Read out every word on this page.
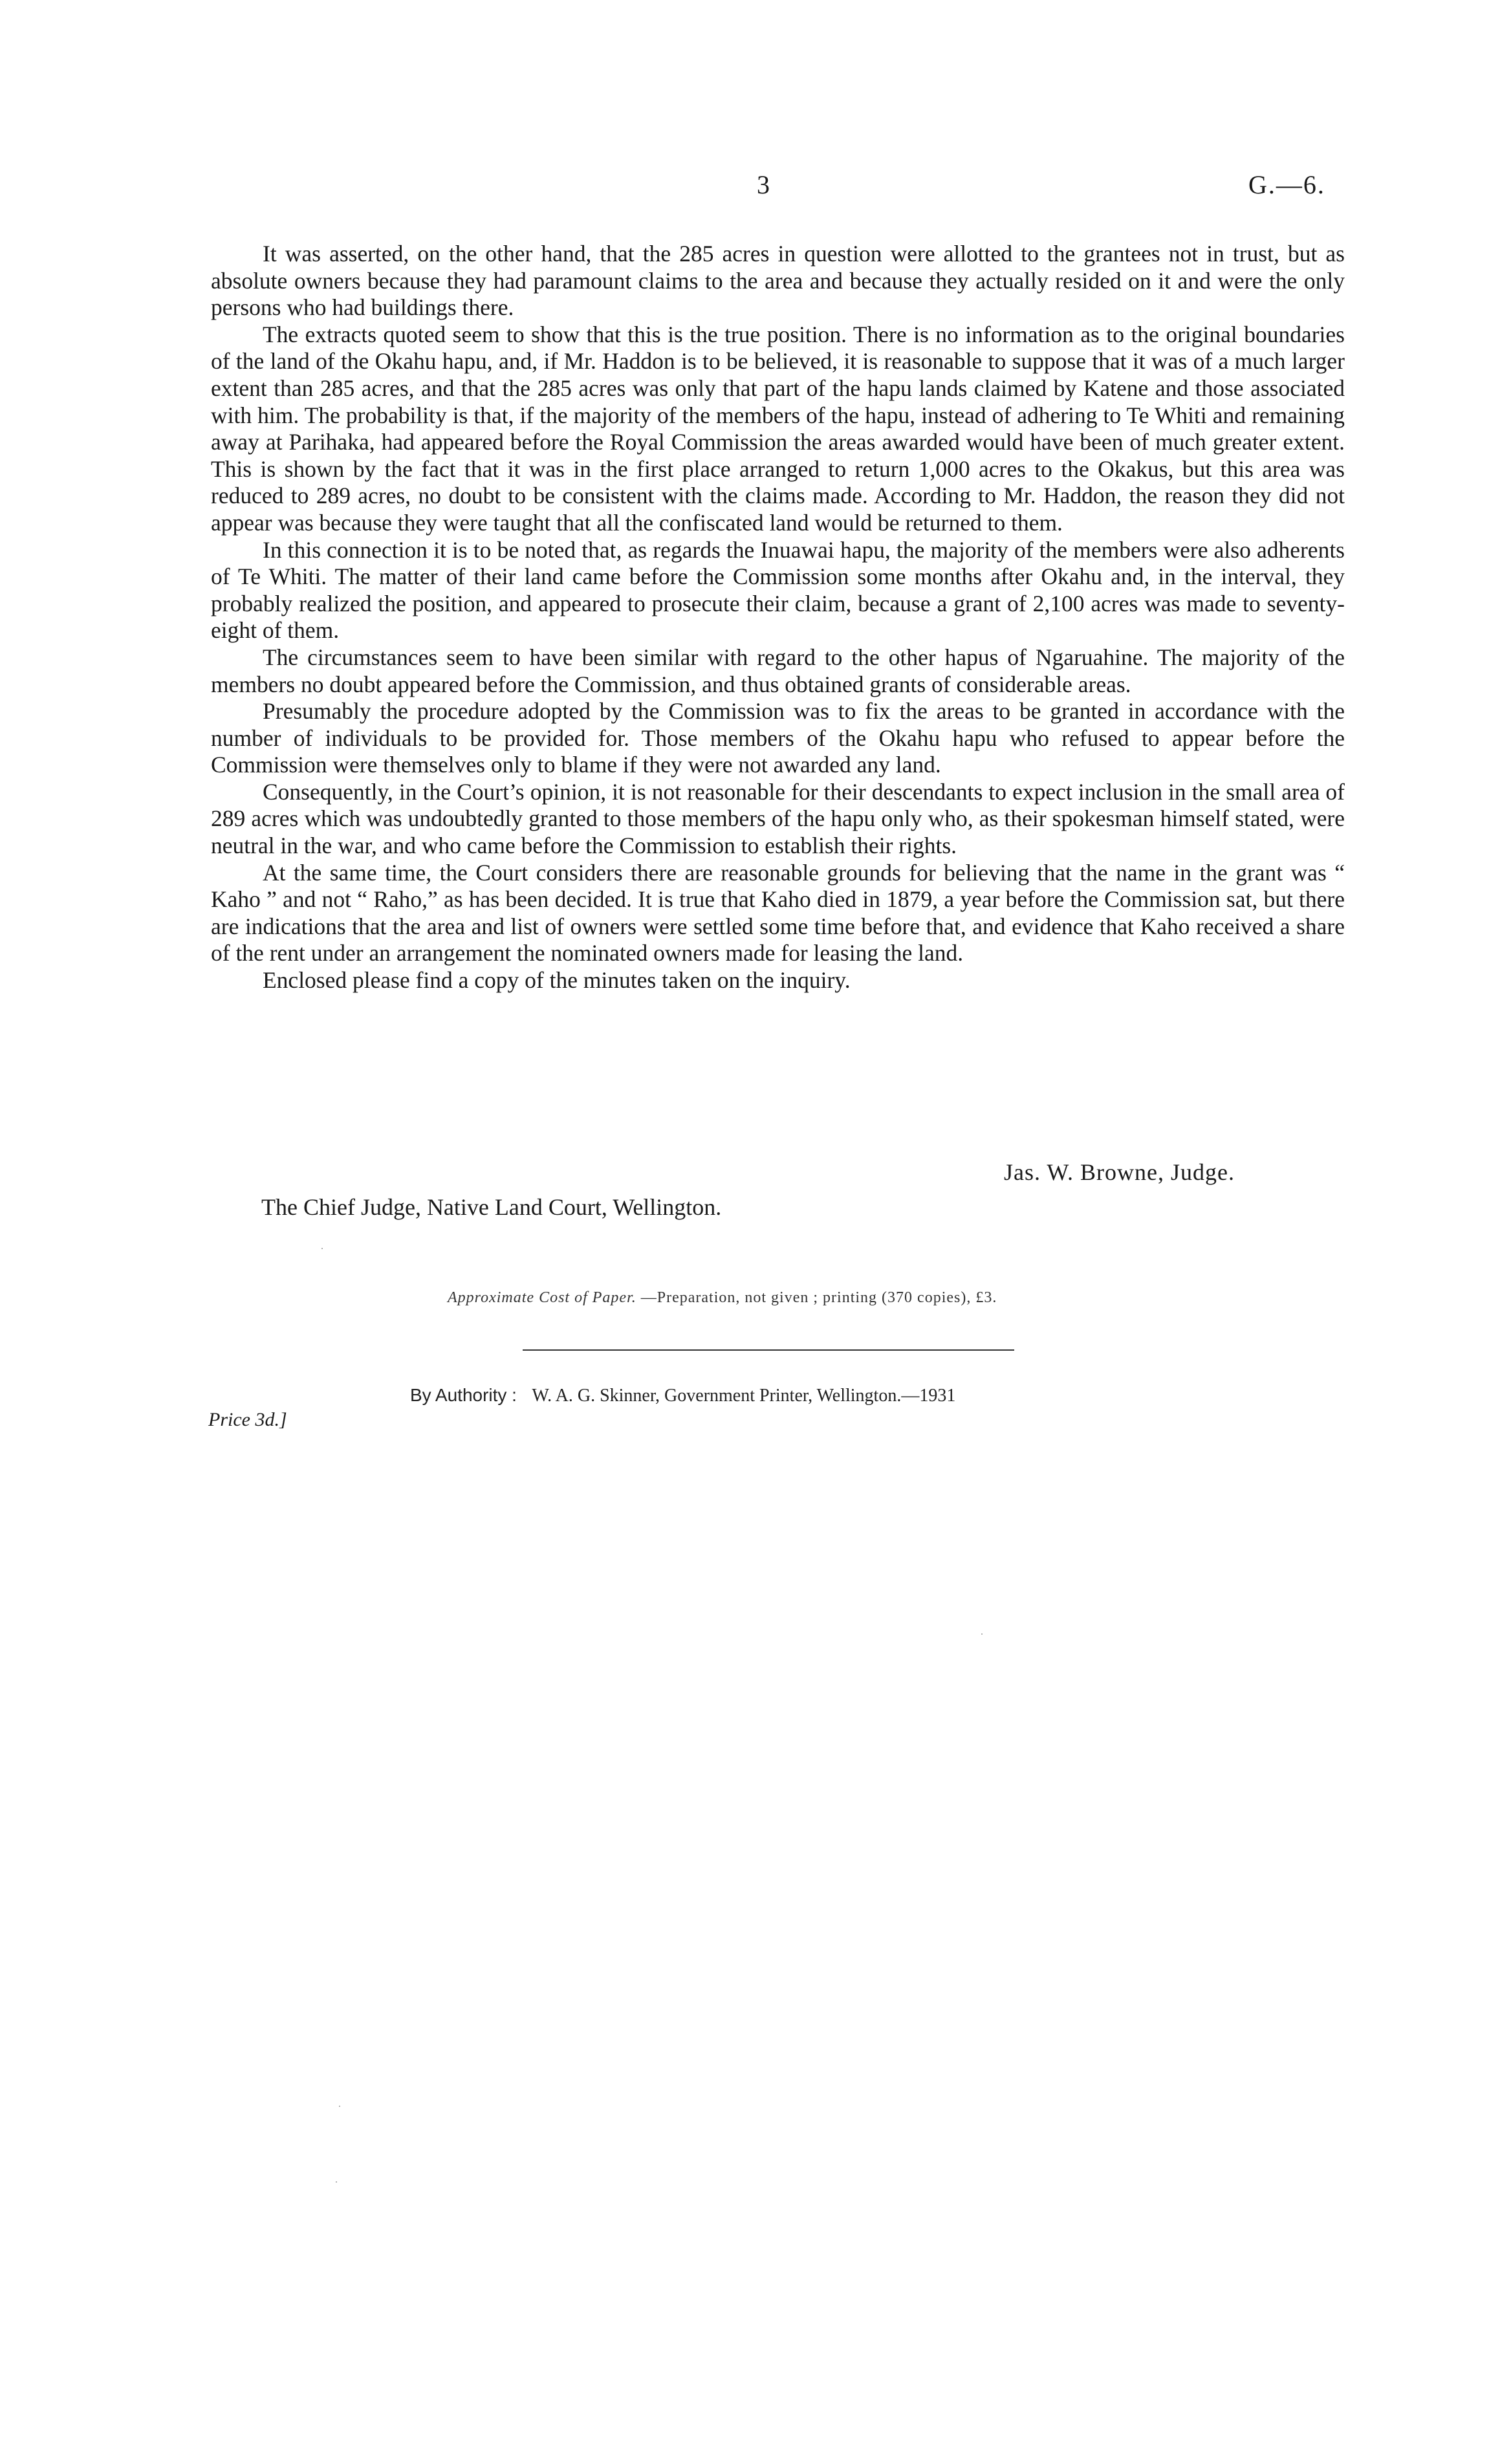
3	G.—6.

It was asserted, on the other hand, that the 285 acres in question were allotted to the grantees not in trust, but as absolute owners because they had paramount claims to the area and because they actually resided on it and were the only persons who had buildings there.

The extracts quoted seem to show that this is the true position. There is no information as to the original boundaries of the land of the Okahu hapu, and, if Mr. Haddon is to be believed, it is reasonable to suppose that it was of a much larger extent than 285 acres, and that the 285 acres was only that part of the hapu lands claimed by Katene and those associated with him. The probability is that, if the majority of the members of the hapu, instead of adhering to Te Whiti and remaining away at Parihaka, had appeared before the Royal Commission the areas awarded would have been of much greater extent. This is shown by the fact that it was in the first place arranged to return 1,000 acres to the Okakus, but this area was reduced to 289 acres, no doubt to be consistent with the claims made. According to Mr. Haddon, the reason they did not appear was because they were taught that all the confiscated land would be returned to them.

In this connection it is to be noted that, as regards the Inuawai hapu, the majority of the members were also adherents of Te Whiti. The matter of their land came before the Commission some months after Okahu and, in the interval, they probably realized the position, and appeared to prosecute their claim, because a grant of 2,100 acres was made to seventy-eight of them.

The circumstances seem to have been similar with regard to the other hapus of Ngaruahine. The majority of the members no doubt appeared before the Commission, and thus obtained grants of considerable areas.

Presumably the procedure adopted by the Commission was to fix the areas to be granted in accordance with the number of individuals to be provided for. Those members of the Okahu hapu who refused to appear before the Commission were themselves only to blame if they were not awarded any land.

Consequently, in the Court’s opinion, it is not reasonable for their descendants to expect inclusion in the small area of 289 acres which was undoubtedly granted to those members of the hapu only who, as their spokesman himself stated, were neutral in the war, and who came before the Commission to establish their rights.

At the same time, the Court considers there are reasonable grounds for believing that the name in the grant was “ Kaho ” and not “ Raho,” as has been decided. It is true that Kaho died in 1879, a year before the Commission sat, but there are indications that the area and list of owners were settled some time before that, and evidence that Kaho received a share of the rent under an arrangement the nominated owners made for leasing the land.

Enclosed please find a copy of the minutes taken on the inquiry.

Jas. W. Browne, Judge.
The Chief Judge, Native Land Court, Wellington.
Approximate Cost of Paper. —Preparation, not given ; printing (370 copies), £3.
By Authority : W. A. G. Skinner, Government Printer, Wellington.—1931
Price 3d.]
